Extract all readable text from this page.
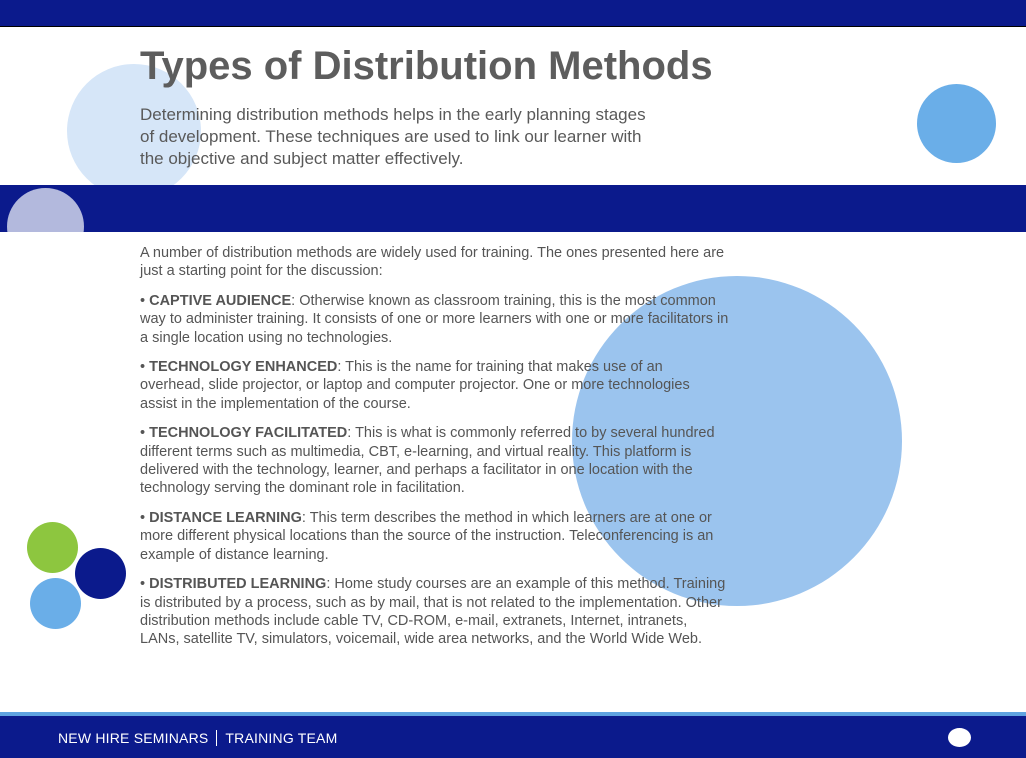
Types of Distribution Methods

Determining distribution methods helps in the early planning stages of development. These techniques are used to link our learner with the objective and subject matter effectively.

A number of distribution methods are widely used for training. The ones presented here are just a starting point for the discussion:

• CAPTIVE AUDIENCE: Otherwise known as classroom training, this is the most common way to administer training. It consists of one or more learners with one or more facilitators in a single location using no technologies.

• TECHNOLOGY ENHANCED: This is the name for training that makes use of an overhead, slide projector, or laptop and computer projector. One or more technologies assist in the implementation of the course.

• TECHNOLOGY FACILITATED: This is what is commonly referred to by several hundred different terms such as multimedia, CBT, e-learning, and virtual reality. This platform is delivered with the technology, learner, and perhaps a facilitator in one location with the technology serving the dominant role in facilitation.

• DISTANCE LEARNING: This term describes the method in which learners are at one or more different physical locations than the source of the instruction. Teleconferencing is an example of distance learning.

• DISTRIBUTED LEARNING: Home study courses are an example of this method. Training is distributed by a process, such as by mail, that is not related to the implementation. Other distribution methods include cable TV, CD-ROM, e-mail, extranets, Internet, intranets, LANs, satellite TV, simulators, voicemail, wide area networks, and the World Wide Web.

NEW HIRE SEMINARS TRAINING TEAM
